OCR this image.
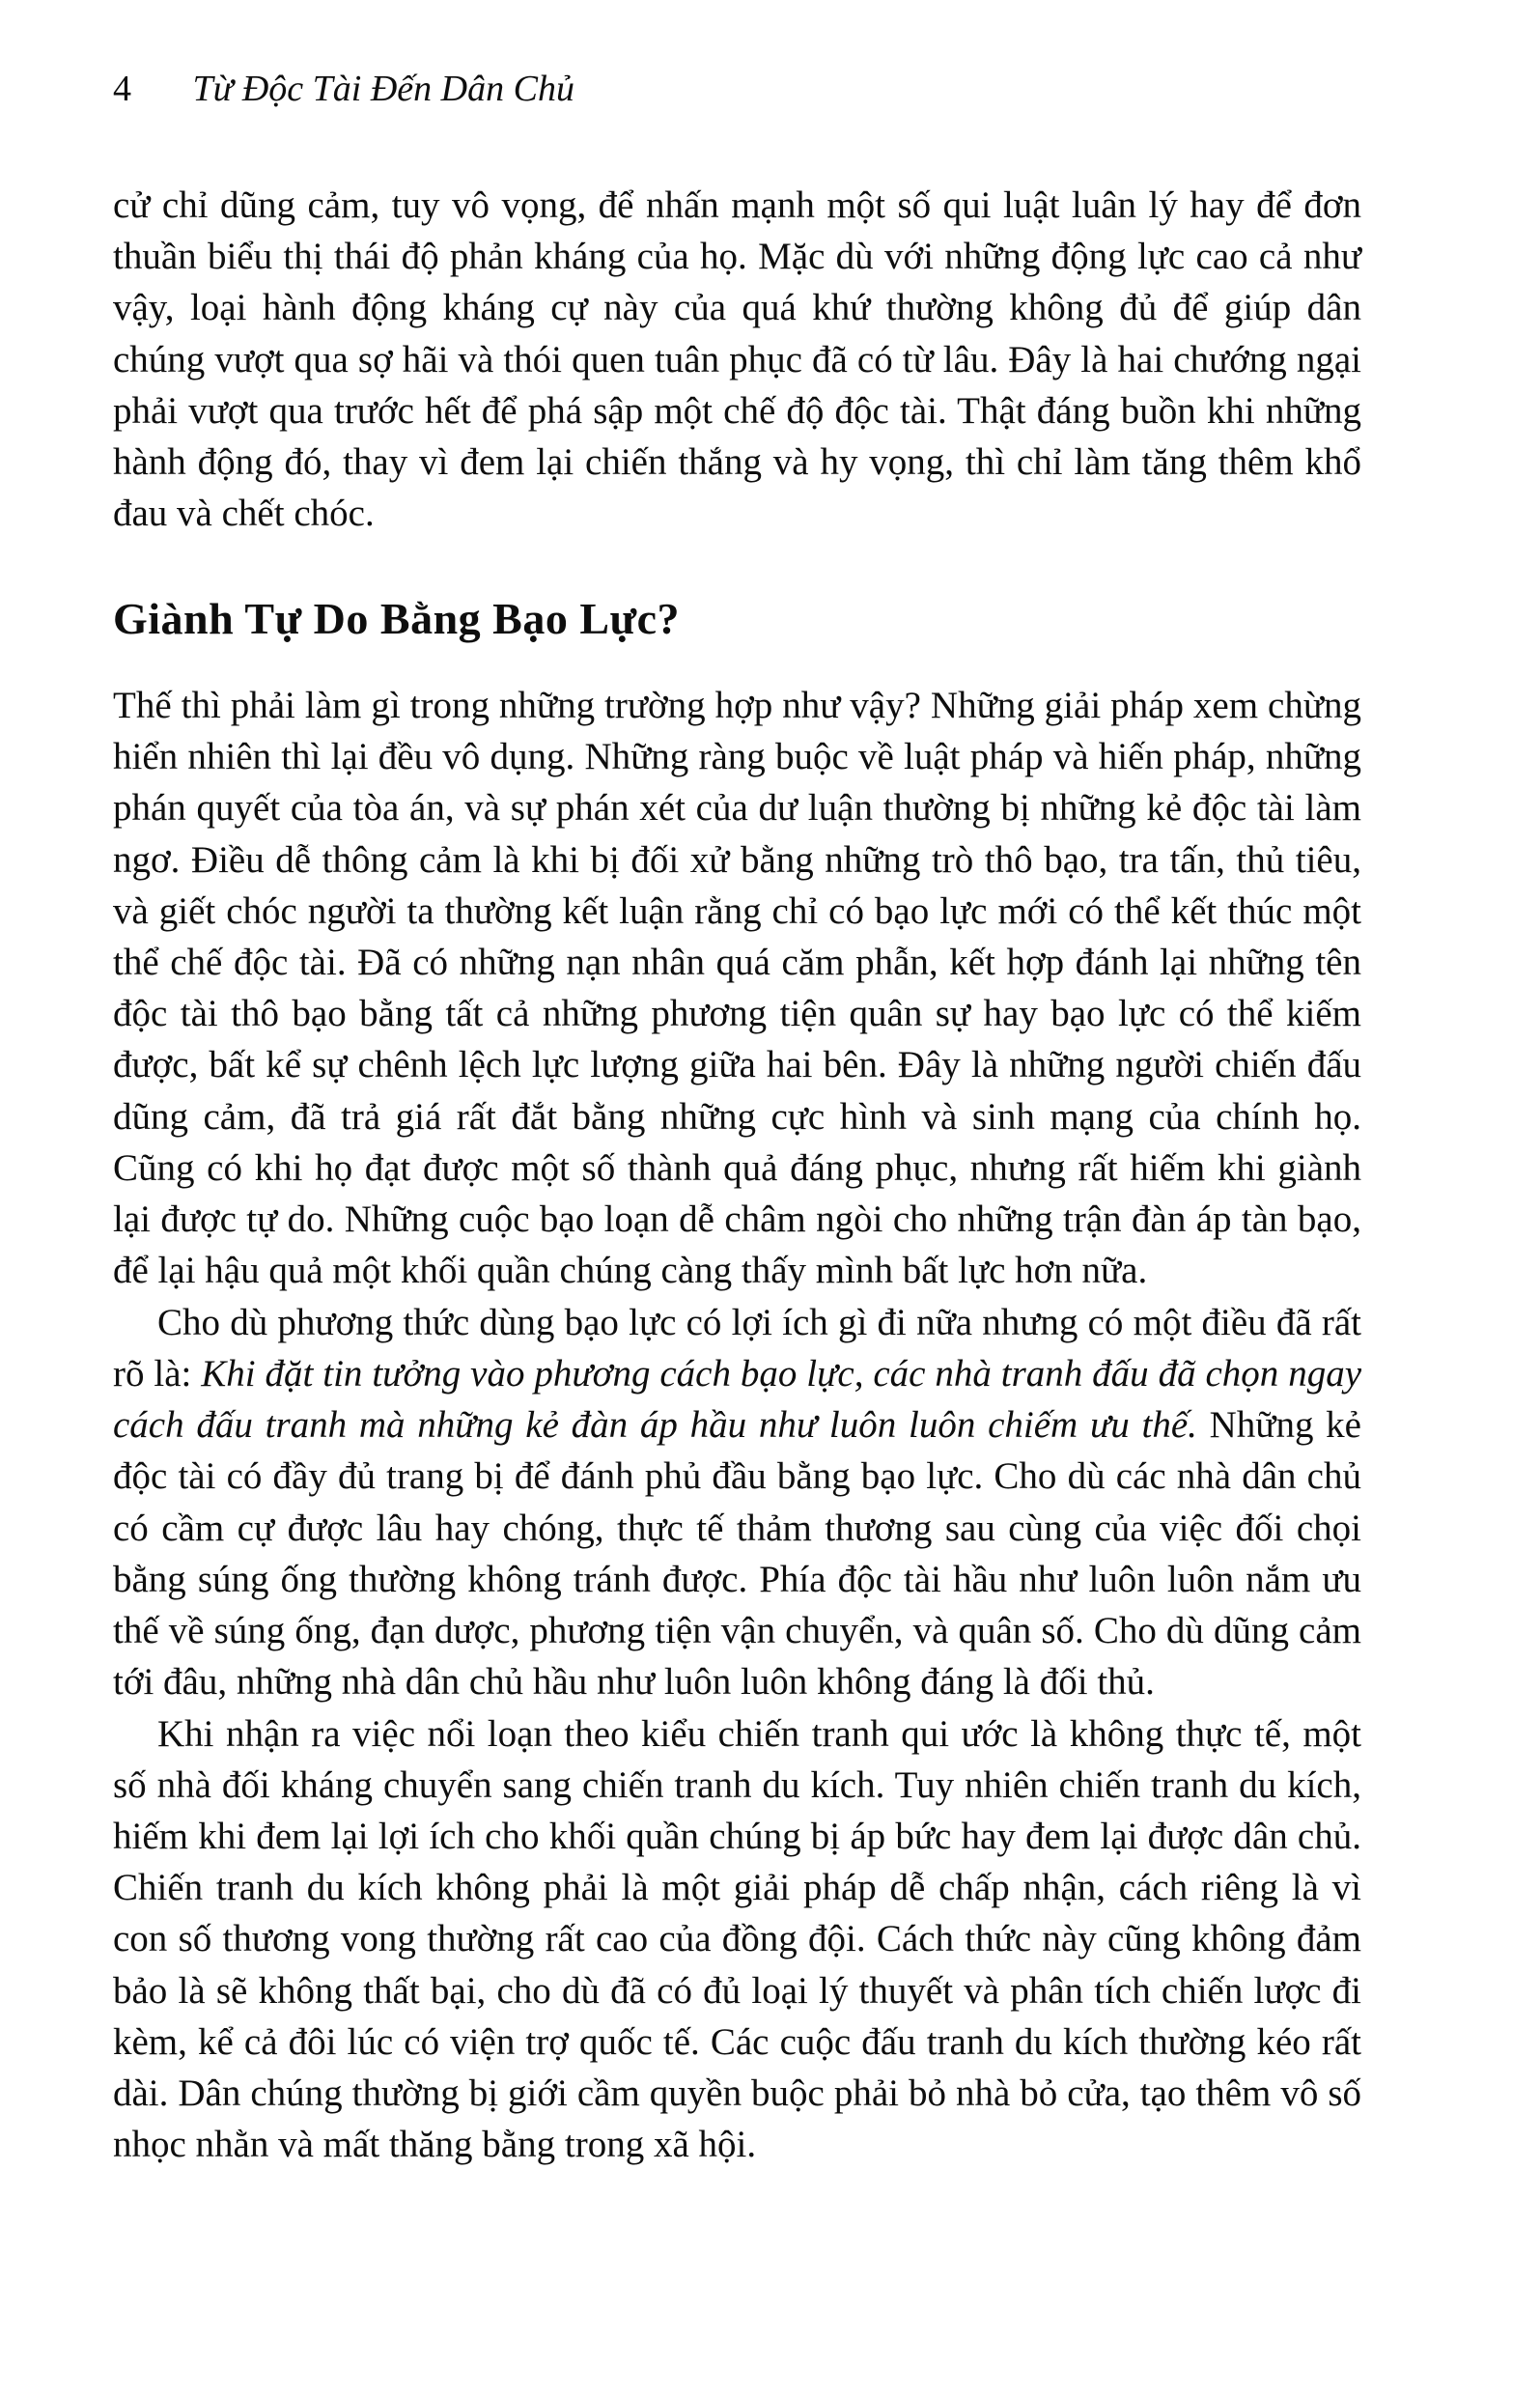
4 Từ Độc Tài Đến Dân Chủ

cử chỉ dũng cảm, tuy vô vọng, để nhấn mạnh một số qui luật luân lý hay để đơn thuần biểu thị thái độ phản kháng của họ. Mặc dù với những động lực cao cả như vậy, loại hành động kháng cự này của quá khứ thường không đủ để giúp dân chúng vượt qua sợ hãi và thói quen tuân phục đã có từ lâu. Đây là hai chướng ngại phải vượt qua trước hết để phá sập một chế độ độc tài. Thật đáng buồn khi những hành động đó, thay vì đem lại chiến thắng và hy vọng, thì chỉ làm tăng thêm khổ đau và chết chóc.

Giành Tự Do Bằng Bạo Lực?

Thế thì phải làm gì trong những trường hợp như vậy? Những giải pháp xem chừng hiển nhiên thì lại đều vô dụng. Những ràng buộc về luật pháp và hiến pháp, những phán quyết của tòa án, và sự phán xét của dư luận thường bị những kẻ độc tài làm ngơ. Điều dễ thông cảm là khi bị đối xử bằng những trò thô bạo, tra tấn, thủ tiêu, và giết chóc người ta thường kết luận rằng chỉ có bạo lực mới có thể kết thúc một thể chế độc tài. Đã có những nạn nhân quá căm phẫn, kết hợp đánh lại những tên độc tài thô bạo bằng tất cả những phương tiện quân sự hay bạo lực có thể kiếm được, bất kể sự chênh lệch lực lượng giữa hai bên. Đây là những người chiến đấu dũng cảm, đã trả giá rất đắt bằng những cực hình và sinh mạng của chính họ. Cũng có khi họ đạt được một số thành quả đáng phục, nhưng rất hiếm khi giành lại được tự do. Những cuộc bạo loạn dễ châm ngòi cho những trận đàn áp tàn bạo, để lại hậu quả một khối quần chúng càng thấy mình bất lực hơn nữa.

Cho dù phương thức dùng bạo lực có lợi ích gì đi nữa nhưng có một điều đã rất rõ là: Khi đặt tin tưởng vào phương cách bạo lực, các nhà tranh đấu đã chọn ngay cách đấu tranh mà những kẻ đàn áp hầu như luôn luôn chiếm ưu thế. Những kẻ độc tài có đầy đủ trang bị để đánh phủ đầu bằng bạo lực. Cho dù các nhà dân chủ có cầm cự được lâu hay chóng, thực tế thảm thương sau cùng của việc đối chọi bằng súng ống thường không tránh được. Phía độc tài hầu như luôn luôn nắm ưu thế về súng ống, đạn dược, phương tiện vận chuyển, và quân số. Cho dù dũng cảm tới đâu, những nhà dân chủ hầu như luôn luôn không đáng là đối thủ.

Khi nhận ra việc nổi loạn theo kiểu chiến tranh qui ước là không thực tế, một số nhà đối kháng chuyển sang chiến tranh du kích. Tuy nhiên chiến tranh du kích, hiếm khi đem lại lợi ích cho khối quần chúng bị áp bức hay đem lại được dân chủ. Chiến tranh du kích không phải là một giải pháp dễ chấp nhận, cách riêng là vì con số thương vong thường rất cao của đồng đội. Cách thức này cũng không đảm bảo là sẽ không thất bại, cho dù đã có đủ loại lý thuyết và phân tích chiến lược đi kèm, kể cả đôi lúc có viện trợ quốc tế. Các cuộc đấu tranh du kích thường kéo rất dài. Dân chúng thường bị giới cầm quyền buộc phải bỏ nhà bỏ cửa, tạo thêm vô số nhọc nhằn và mất thăng bằng trong xã hội.
